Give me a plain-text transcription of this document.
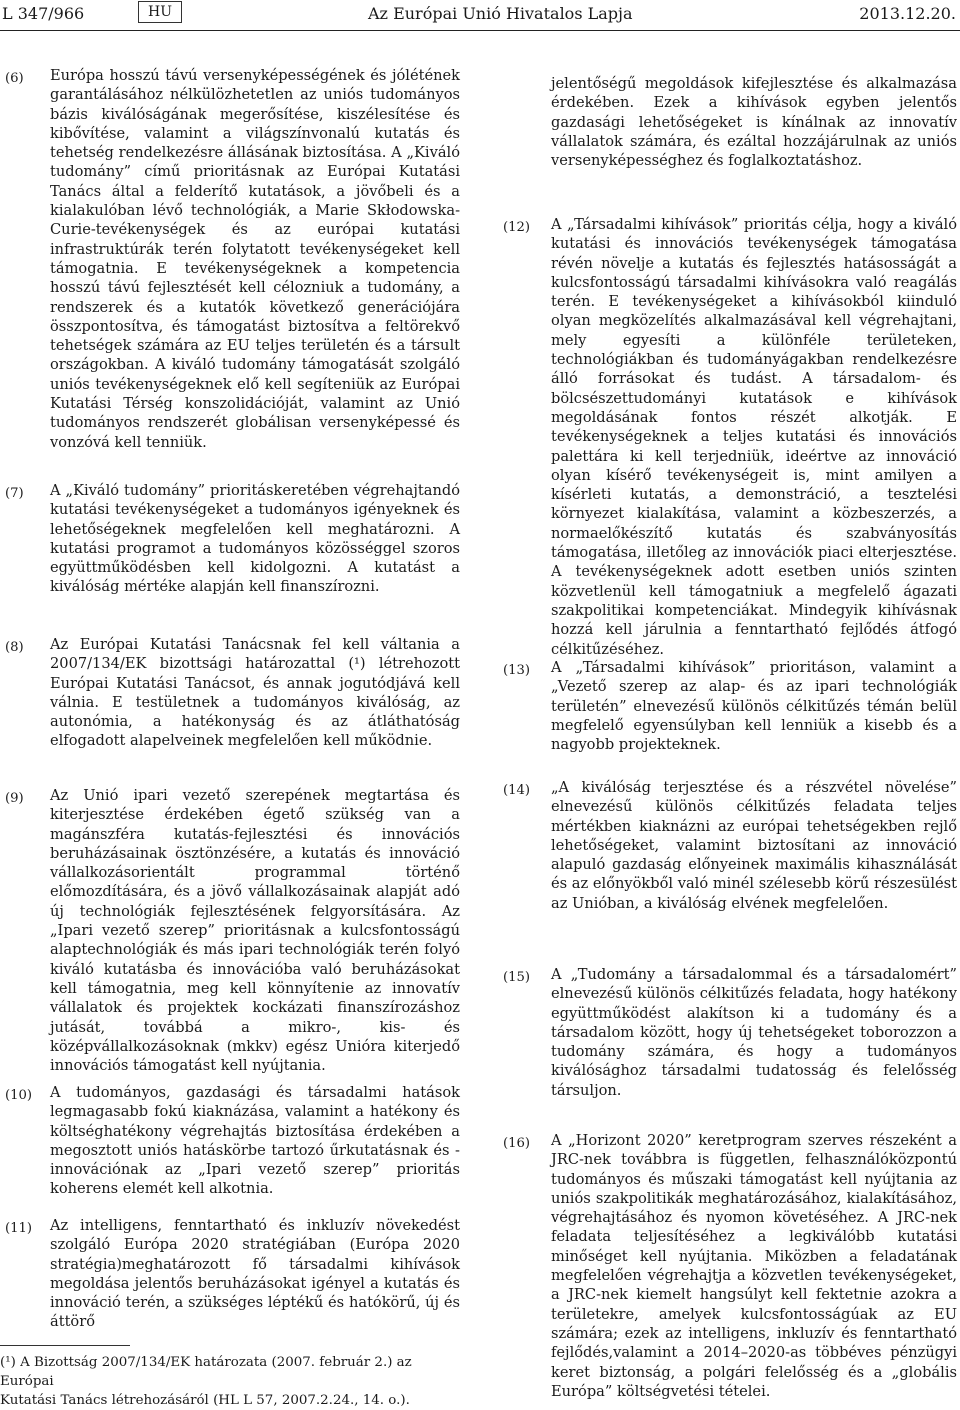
L 347/966	HU	Az Európai Unió Hivatalos Lapja	2013.12.20.
(6) Európa hosszú távú versenyképességének és jólétének garantálásához nélkülözhetetlen az uniós tudományos bázis kiválóságának megerősítése, kiszélesítése és kibővítése, valamint a világszínvonalú kutatás és tehetség rendelkezésre állásának biztosítása. A „Kiváló tudomány” című prioritásnak az Európai Kutatási Tanács által a felderítő kutatások, a jövőbeli és a kialakulóban lévő technológiák, a Marie Skłodowska-Curie-tevékenységek és az európai kutatási infrastruktúrák terén folytatott tevékenységeket kell támogatnia. E tevékenységeknek a kompetencia hosszú távú fejlesztését kell célozniuk a tudomány, a rendszerek és a kutatók következő generációjára összpontosítva, és támogatást biztosítva a feltörekvő tehetségek számára az EU teljes területén és a társult országokban. A kiváló tudomány támogatását szolgáló uniós tevékenységeknek elő kell segíteniük az Európai Kutatási Térség konszolidációját, valamint az Unió tudományos rendszerét globálisan versenyképessé és vonzóvá kell tenniük.
(7) A „Kiváló tudomány” prioritáskeretében végrehajtandó kutatási tevékenységeket a tudományos igényeknek és lehetőségeknek megfelelően kell meghatározni. A kutatási programot a tudományos közösséggel szoros együttműködésben kell kidolgozni. A kutatást a kiválóság mértéke alapján kell finanszírozni.
(8) Az Európai Kutatási Tanácsnak fel kell váltania a 2007/134/EK bizottsági határozattal (¹) létrehozott Európai Kutatási Tanácsot, és annak jogutódjává kell válnia. E testületnek a tudományos kiválóság, az autonómia, a hatékonyság és az átláthatóság elfogadott alapelveinek megfelelően kell működnie.
(9) Az Unió ipari vezető szerepének megtartása és kiterjesztése érdekében égető szükség van a magánszféra kutatás-fejlesztési és innovációs beruházásainak ösztönzésére, a kutatás és innováció vállalkozásorientált programmal történő előmozdítására, és a jövő vállalkozásainak alapját adó új technológiák fejlesztésének felgyorsítására. Az „Ipari vezető szerep” prioritásnak a kulcsfontosságú alaptechnológiák és más ipari technológiák terén folyó kiváló kutatásba és innovációba való beruházásokat kell támogatnia, meg kell könnyítenie az innovatív vállalatok és projektek kockázati finanszírozáshoz jutását, továbbá a mikro-, kis- és középvállalkozásoknak (mkkv) egész Unióra kiterjedő innovációs támogatást kell nyújtania.
(10) A tudományos, gazdasági és társadalmi hatások legmagasabb fokú kiaknázása, valamint a hatékony és költséghatékony végrehajtás biztosítása érdekében a megosztott uniós hatáskörbe tartozó űrkutatásnak és -innovációnak az „Ipari vezető szerep” prioritás koherens elemét kell alkotnia.
(11) Az intelligens, fenntartható és inkluzív növekedést szolgáló Európa 2020 stratégiában (Európa 2020 stratégia)meghatározott fő társadalmi kihívások megoldása jelentős beruházásokat igényel a kutatás és innováció terén, a szükséges léptékű és hatókörű, új és áttörő
jelentőségű megoldások kifejlesztése és alkalmazása érdekében. Ezek a kihívások egyben jelentős gazdasági lehetőségeket is kínálnak az innovatív vállalatok számára, és ezáltal hozzájárulnak az uniós versenyképességhez és foglalkoztatáshoz.
(12) A „Társadalmi kihívások” prioritás célja, hogy a kiváló kutatási és innovációs tevékenységek támogatása révén növelje a kutatás és fejlesztés hatásosságát a kulcsfontosságú társadalmi kihívásokra való reagálás terén. E tevékenységeket a kihívásokból kiinduló olyan megközelítés alkalmazásával kell végrehajtani, mely egyesíti a különféle területeken, technológiákban és tudományágakban rendelkezésre álló forrásokat és tudást. A társadalom- és bölcsészettudományi kutatások e kihívások megoldásának fontos részét alkotják. E tevékenységeknek a teljes kutatási és innovációs palettára ki kell terjedniük, ideértve az innováció olyan kísérő tevékenységeit is, mint amilyen a kísérleti kutatás, a demonstráció, a tesztelési környezet kialakítása, valamint a közbeszerzés, a normaelőkészítő kutatás és szabványosítás támogatása, illetőleg az innovációk piaci elterjesztése. A tevékenységeknek adott esetben uniós szinten közvetlenül kell támogatniuk a megfelelő ágazati szakpolitikai kompetenciákat. Mindegyik kihívásnak hozzá kell járulnia a fenntartható fejlődés átfogó célkitűzéséhez.
(13) A „Társadalmi kihívások” prioritáson, valamint a „Vezető szerep az alap- és az ipari technológiák területén” elnevezésű különös célkitűzés témán belül megfelelő egyensúlyban kell lenniük a kisebb és a nagyobb projekteknek.
(14) „A kiválóság terjesztése és a részvétel növelése” elnevezésű különös célkitűzés feladata teljes mértékben kiaknázni az európai tehetségekben rejlő lehetőségeket, valamint biztosítani az innováció alapuló gazdaság előnyeinek maximális kihasználását és az előnyökből való minél szélesebb körű részesülést az Unióban, a kiválóság elvének megfelelően.
(15) A „Tudomány a társadalommal és a társadalomért” elnevezésű különös célkitűzés feladata, hogy hatékony együttműködést alakítson ki a tudomány és a társadalom között, hogy új tehetségeket toborozzon a tudomány számára, és hogy a tudományos kiválósághoz társadalmi tudatosság és felelősség társuljon.
(16) A „Horizont 2020” keretprogram szerves részeként a JRC-nek továbbra is független, felhasználóközpontú tudományos és műszaki támogatást kell nyújtania az uniós szakpolitikák meghatározásához, kialakításához, végrehajtásához és nyomon követéséhez. A JRC-nek feladata teljesítéséhez a legkiválóbb kutatási minőséget kell nyújtania. Miközben a feladatának megfelelően végrehajtja a közvetlen tevékenységeket, a JRC-nek kiemelt hangsúlyt kell fektetnie azokra a területekre, amelyek kulcsfontosságúak az EU számára; ezek az intelligens, inkluzív és fenntartható fejlődés,valamint a 2014–2020-as többéves pénzügyi keret biztonság, a polgári felelősség és a „globális Európa” költségvetési tételei.
(¹) A Bizottság 2007/134/EK határozata (2007. február 2.) az Európai
Kutatási Tanács létrehozásáról (HL L 57, 2007.2.24., 14. o.).
